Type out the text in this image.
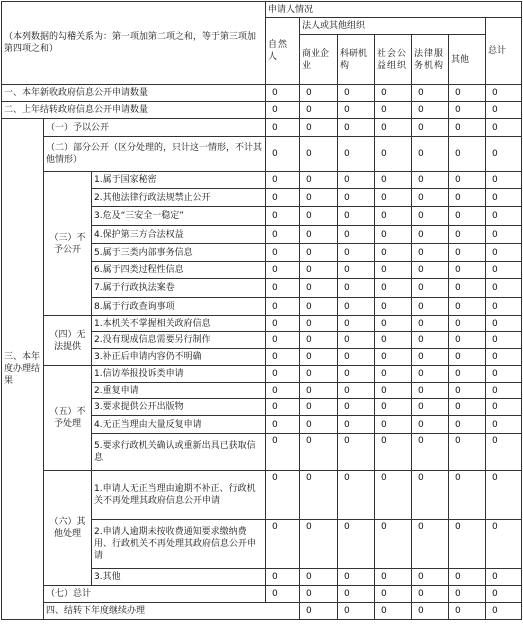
（本列数据的勾稽关系为：第一项加第二项之和，等于第三项加第四项之和）			申请人情况							
			自然人	法人或其他组织					总计	
				商业企业	科研机构	社会公益组织	法律服务机构	其他		
一、本年新收政府信息公开申请数量			0	0	0	0	0	0	0	
二、上年结转政府信息公开申请数量			0	0	0	0	0	0	0	
三、本年度办理结果	（一）予以公开		0	0	0	0	0	0	0	
	（二）部分公开（区分处理的，只计这一情形，不计其他情形）		0	0	0	0	0	0	0	
	（三）不予公开	1.属于国家秘密	0	0	0	0	0	0	0	
		2.其他法律行政法规禁止公开	0	0	0	0	0	0	0	
		3.危及“三安全一稳定”	0	0	0	0	0	0	0	
		4.保护第三方合法权益	0	0	0	0	0	0	0	
		5.属于三类内部事务信息	0	0	0	0	0	0	0	
		6.属于四类过程性信息	0	0	0	0	0	0	0	
		7.属于行政执法案卷	0	0	0	0	0	0	0	
		8.属于行政查询事项	0	0	0	0	0	0	0	
	（四）无法提供	1.本机关不掌握相关政府信息	0	0	0	0	0	0	0	
		2.没有现成信息需要另行制作	0	0	0	0	0	0	0	
		3.补正后申请内容仍不明确	0	0	0	0	0	0	0	
	（五）不予处理	1.信访举报投诉类申请	0	0	0	0	0	0	0	
		2.重复申请	0	0	0	0	0	0	0	
		3.要求提供公开出版物	0	0	0	0	0	0	0	
		4.无正当理由大量反复申请	0	0	0	0	0	0	0	
		5.要求行政机关确认或重新出具已获取信息	0	0	0	0	0	0	0	
	（六）其他处理	1.申请人无正当理由逾期不补正、行政机关不再处理其政府信息公开申请	0	0	0	0	0	0	0	
		2.申请人逾期未按收费通知要求缴纳费用、行政机关不再处理其政府信息公开申请	0	0	0	0	0	0	0	
		3.其他	0	0	0	0	0	0	0	
	（七）总计		0	0	0	0	0	0	0	
	四、结转下年度继续办理			0	0	0	0	0	0	
